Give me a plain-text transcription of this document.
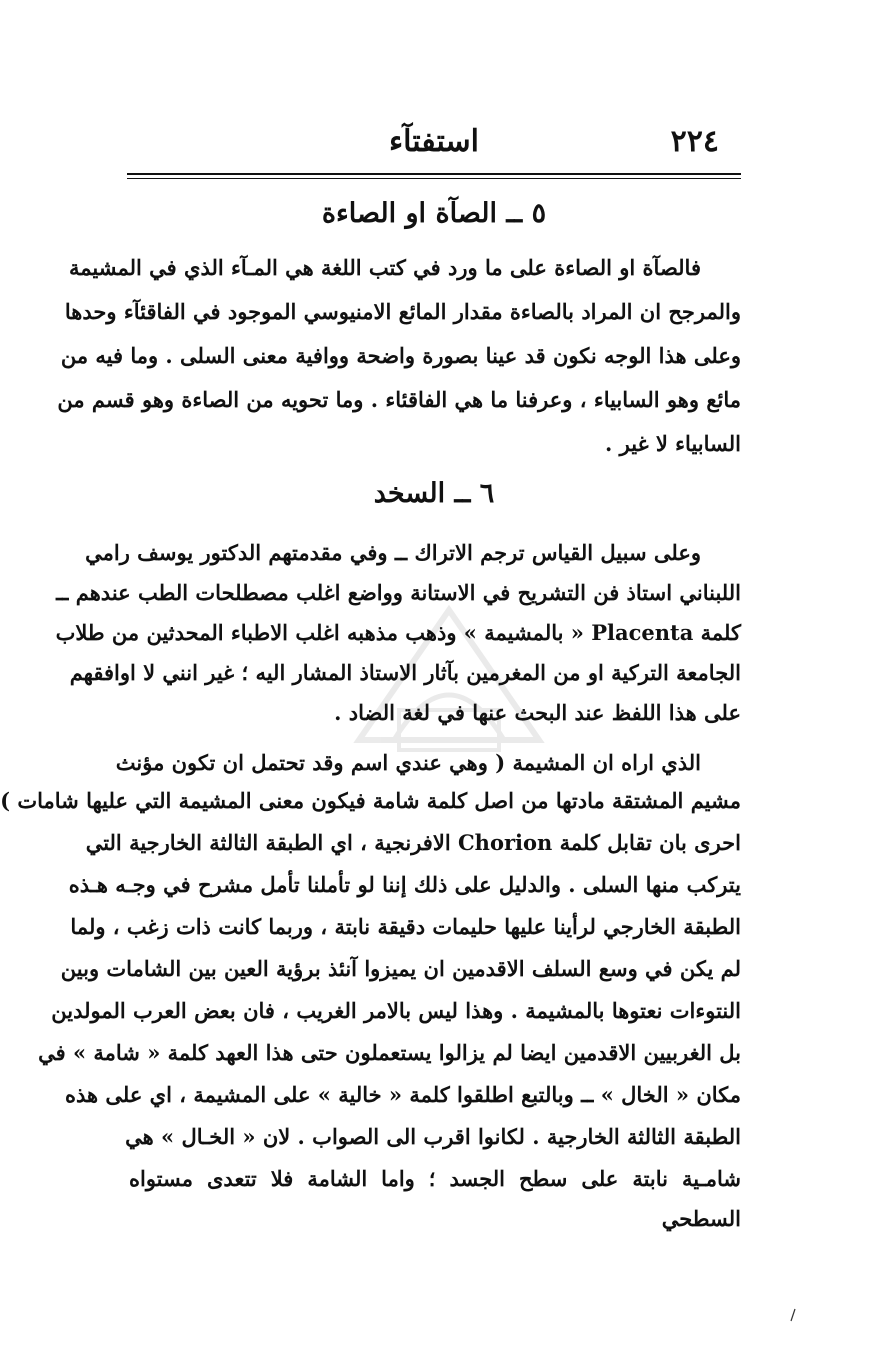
٢٢٤
استفتآء
٥ ــ الصآة او الصاءة
فالصآة او الصاءة على ما ورد في كتب اللغة هي المـآء الذي في المشيمة
والمرجح ان المراد بالصاءة مقدار المائع الامنيوسي الموجود في الفاقئآء وحدها
وعلى هذا الوجه نكون قد عينا بصورة واضحة ووافية معنى السلى . وما فيه من
مائع وهو السابياء ، وعرفنا ما هي الفاقئاء . وما تحويه من الصاءة وهو قسم من
السابياء لا غير .
٦ ــ السخد
وعلى سبيل القياس ترجم الاتراك ــ وفي مقدمتهم الدكتور يوسف رامي
اللبناني استاذ فن التشريح في الاستانة وواضع اغلب مصطلحات الطب عندهم ــ
كلمة Placenta « بالمشيمة » وذهب مذهبه اغلب الاطباء المحدثين من طلاب
الجامعة التركية او من المغرمين بآثار الاستاذ المشار اليه ؛ غير انني لا اوافقهم
على هذا اللفظ عند البحث عنها في لغة الضاد .
الذي اراه ان المشيمة ( وهي عندي اسم وقد تحتمل ان تكون مؤنث
مشيم المشتقة مادتها من اصل كلمة شامة فيكون معنى المشيمة التي عليها شامات )
احرى بان تقابل كلمة Chorion الافرنجية ، اي الطبقة الثالثة الخارجية التي
يتركب منها السلى . والدليل على ذلك إننا لو تأملنا تأمل مشرح في وجـه هـذه
الطبقة الخارجي لرأينا عليها حليمات دقيقة نابتة ، وربما كانت ذات زغب ، ولما
لم يكن في وسع السلف الاقدمين ان يميزوا آنئذ برؤية العين بين الشامات وبين
النتوءات نعتوها بالمشيمة . وهذا ليس بالامر الغريب ، فان بعض العرب المولدين
بل الغربيين الاقدمين ايضا لم يزالوا يستعملون حتى هذا العهد كلمة « شامة » في
مكان « الخال » ــ وبالتبع اطلقوا كلمة « خالية » على المشيمة ، اي على هذه
الطبقة الثالثة الخارجية . لكانوا اقرب الى الصواب . لان « الخـال » هي
شامـية نابتة على سطح الجسد ؛ واما الشامة فلا تتعدى مستواه
السطحي
